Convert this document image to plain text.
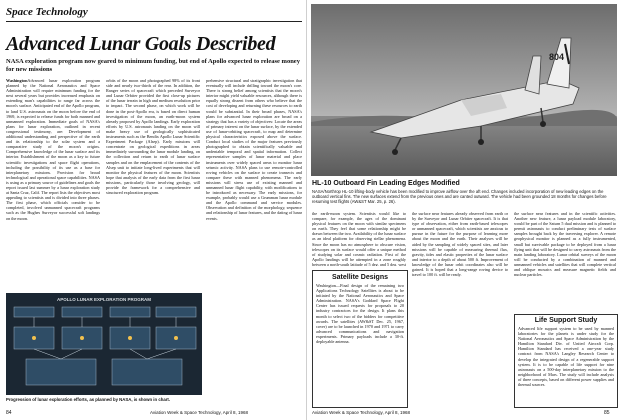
Space Technology
Advanced Lunar Goals Described
NASA exploration program now geared to minimum funding, but end of Apollo expected to release money for new missions
WashingtonAdvanced lunar exploration program planned by the National Aeronautics and Space Administration will require minimum funding for the next several years but provides increased emphasis on extending man's capabilities to range far across the moon's surface. Anticipated end of the Apollo program, to land U.S. astronauts on the moon before the end of 1969, is expected to release funds for both manned and unmanned exploration. Immediate goals of NASA's plans for lunar exploration, outlined in recent congressional testimony, are: Development of additional understanding and perspective of the earth and its relationship to the solar system and a comparative study of the moon's origins. Comprehensive knowledge of the lunar surface and its interior. Establishment of the moon as a key to future scientific investigations and space flight operations, including the possibility of its use as a base for interplanetary missions. Provision for broad technological and operational space capabilities. NASA is using as a primary source of guidelines and goals the report issued last summer by a lunar exploration study at Santa Cruz, Calif. The report lists the objectives most appealing to scientists and is divided into three phases. The first phase, which officials consider to be completed, involved unmanned spacecraft programs such as the Hughes Surveyor successful soft landings on the moon.
orbits of the moon and photographed 98% of its front side and nearly two-thirds of the rear. In addition, the Ranger series of spacecraft which preceded Surveyor and Lunar Orbiter provided the first close-up pictures of the lunar terrain in high and medium resolution prior to impact. The second phase, on which work will be done in the post-Apollo era, is based on direct human investigation of the moon, an earth-moon system already proposed by Apollo landings. Early exploration efforts by U.S. astronauts landing on the moon will make heavy use of geologically sophisticated instruments such as the Bendix Apollo Lunar Scientific Experiment Package (Alsep). Early missions will concentrate on geological expeditions in areas immediately surrounding the lunar module landing, on the collection and return to earth of lunar surface samples and on the emplacement of the contents of the Alsep unit to initiate long-lived experiments that will monitor the physical features of the moon. Scientists hope that analysis of the early data from the first lunar missions, particularly those involving geology, will provide the framework for a comprehensive and structured exploration program.
prehensive structural and stratigraphic investigation that eventually will include drilling toward the moon's core. There is strong belief among scientists that the moon's interior might yield valuable resources, although there is equally strong dissent from others who believe that the cost of developing and returning these resources to earth would be substantial. In their broad phases, NASA's plans for advanced lunar exploration are broad on a strategy that has a variety of objectives: Locate the areas of primary interest on the lunar surface, by the extended use of lunar-orbiting spacecraft, to map and determine physical characteristics exposed above the surface. Conduct local studies of the major features previously photographed to obtain scientifically valuable and undeniable temporal and spatial information. Collect representative samples of lunar material and place instruments over widely spaced areas to monitor lunar seismic activity. NASA plans to use remote-controlled roving vehicles on the surface to create transects and compare these with manned phenomena. The early missions will stress use of existing manned and unmanned lunar flight capability, with modifications to be introduced as necessary. The early missions, for example, probably would use a Grumman lunar module and the Apollo command and service modules. Observation and definition of the morphology, sequence and relationship of lunar features, and the dating of lunar events.
APOLLO LUNAR EXPLORATION PROGRAM
Progression of lunar exploration efforts, as planned by NASA, is shown in chart.
84	Aviation Week & Space Technology, April 8, 1968
804
HL-10 Outboard Fin Leading Edges Modified
NASA/Northrop HL-10 lifting-body vehicle has been modified to improve airflow over the aft end. Changes included incorporation of new leading edges on the outboard vertical fins. The new surfaces extend from the previous ones and are canted outward. The vehicle had been grounded 18 months for changes before resuming test flights (AW&ST Mar. 25, p. 26).
the earth-moon system. Scientists would like to compare, for example, the ages of the dominant physical features on the moon with similar specimens on earth. They feel that some relationship might be drawn between the two. Availability of the lunar surface as an ideal platform for observing stellar phenomena. Since the moon has no atmosphere to obscure vision, telescopes on its surface would offer a unique method of studying solar and cosmic radiation. First of the Apollo landings will be attempted in a zone roughly between a north-south latitude of 5 deg. and 5 deg. west
Satellite Designs
Washington—Final design of the remaining two Applications Technology Satellites is about to be initiated by the National Aeronautics and Space Administration. NASA's Goddard Space Flight Center has issued requests for proposals to 20 industry contractors for the design. It plans this month to select two of the bidders for competitive awards. The satellites (AW&ST Dec. 25, 1967, cover) are to be launched in 1970 and 1971 to carry advanced communications and navigation experiments. Primary payloads include a 30-ft. deployable antenna.
the surface near features already observed from earth or by the Surveyor and Lunar Orbiter spacecraft. It is that type of observation, either from earth-based telescopes or unmanned spacecraft, which scientists are anxious to pursue in the future for the purpose of learning more about the moon and the earth. Their analyses will be aided by the sampling of widely spaced sites, and later missions will be capable of measuring thermal flux, gravity, tides and elastic properties of the lunar surface and interior to a depth of about 500 ft. Improvement of knowledge of the lunar orbit coordinates also will be gained. It is hoped that a long-range roving device to travel to 100 ft. will be ready.
the surface near features and in the scientific activities. Another new feature, a lunar payload module laboratory, would be part of the Saturn 5 dual mission and is planned to permit astronauts to conduct preliminary tests of surface samples brought back by the traversing explorer. A remote geophysical monitor is planned as a fully instrumented, small but survivable package to be deployed from a lunar flying unit that will be designed to carry astronauts from the main landing laboratory. Lunar orbital surveys of the moon will be conducted by a combination of manned and unmanned vehicles and satellites that will complete vertical and oblique mosaics and measure magnetic fields and nuclear particles.
Life Support Study
Advanced life support system to be used by manned laboratories for the planets is under study for the National Aeronautics and Space Administration by the Hamilton Standard Div. of United Aircraft Corp. Hamilton Standard has received a one-year study contract from NASA's Langley Research Center to develop the integrated design of a regenerable support system. It is to be capable of life support for nine astronauts on a 500-day interplanetary mission to the neighborhood of Mars. The study will include analysis of three concepts, based on different power supplies and thermal sources.
Aviation Week & Space Technology, April 8, 1968	85
